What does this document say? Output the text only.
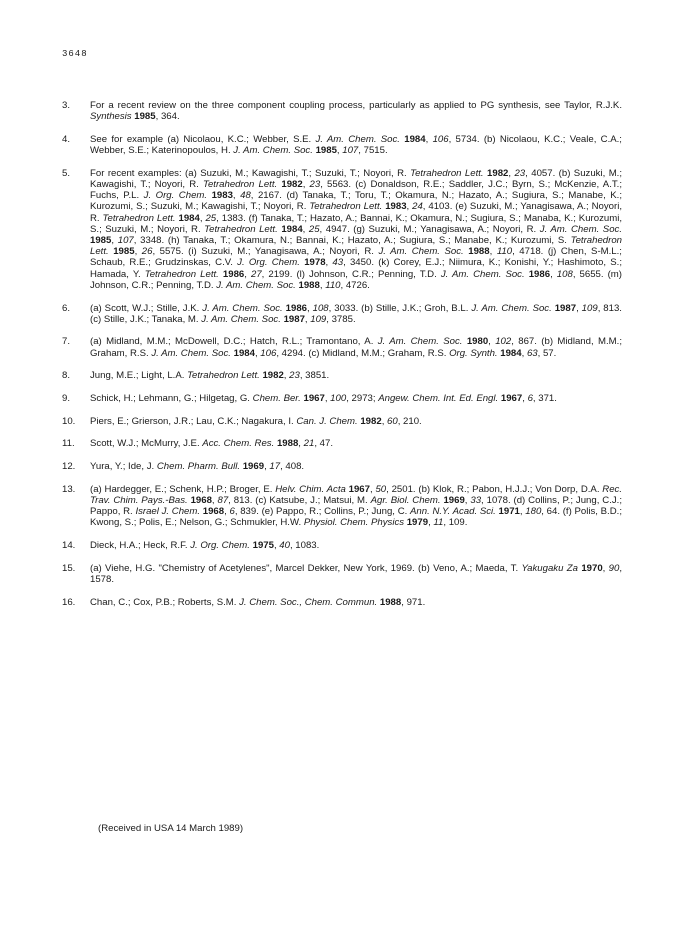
3648
3.	For a recent review on the three component coupling process, particularly as applied to PG synthesis, see Taylor, R.J.K. Synthesis 1985, 364.
4.	See for example (a) Nicolaou, K.C.; Webber, S.E. J. Am. Chem. Soc. 1984, 106, 5734. (b) Nicolaou, K.C.; Veale, C.A.; Webber, S.E.; Katerinopoulos, H. J. Am. Chem. Soc. 1985, 107, 7515.
5.	For recent examples: (a) Suzuki, M.; Kawagishi, T.; Suzuki, T.; Noyori, R. Tetrahedron Lett. 1982, 23, 4057. (b) Suzuki, M.; Kawagishi, T.; Noyori, R. Tetrahedron Lett. 1982, 23, 5563. (c) Donaldson, R.E.; Saddler, J.C.; Byrn, S.; McKenzie, A.T.; Fuchs, P.L. J. Org. Chem. 1983, 48, 2167. (d) Tanaka, T.; Toru, T.; Okamura, N.; Hazato, A.; Sugiura, S.; Manabe, K.; Kurozumi, S.; Suzuki, M.; Kawagishi, T.; Noyori, R. Tetrahedron Lett. 1983, 24, 4103. (e) Suzuki, M.; Yanagisawa, A.; Noyori, R. Tetrahedron Lett. 1984, 25, 1383. (f) Tanaka, T.; Hazato, A.; Bannai, K.; Okamura, N.; Sugiura, S.; Manaba, K.; Kurozumi, S.; Suzuki, M.; Noyori, R. Tetrahedron Lett. 1984, 25, 4947. (g) Suzuki, M.; Yanagisawa, A.; Noyori, R. J. Am. Chem. Soc. 1985, 107, 3348. (h) Tanaka, T.; Okamura, N.; Bannai, K.; Hazato, A.; Sugiura, S.; Manabe, K.; Kurozumi, S. Tetrahedron Lett. 1985, 26, 5575. (i) Suzuki, M.; Yanagisawa, A.; Noyori, R. J. Am. Chem. Soc. 1988, 110, 4718. (j) Chen, S-M.L.; Schaub, R.E.; Grudzinskas, C.V. J. Org. Chem. 1978, 43, 3450. (k) Corey, E.J.; Niimura, K.; Konishi, Y.; Hashimoto, S.; Hamada, Y. Tetrahedron Lett. 1986, 27, 2199. (l) Johnson, C.R.; Penning, T.D. J. Am. Chem. Soc. 1986, 108, 5655. (m) Johnson, C.R.; Penning, T.D. J. Am. Chem. Soc. 1988, 110, 4726.
6.	(a) Scott, W.J.; Stille, J.K. J. Am. Chem. Soc. 1986, 108, 3033. (b) Stille, J.K.; Groh, B.L. J. Am. Chem. Soc. 1987, 109, 813. (c) Stille, J.K.; Tanaka, M. J. Am. Chem. Soc. 1987, 109, 3785.
7.	(a) Midland, M.M.; McDowell, D.C.; Hatch, R.L.; Tramontano, A. J. Am. Chem. Soc. 1980, 102, 867. (b) Midland, M.M.; Graham, R.S. J. Am. Chem. Soc. 1984, 106, 4294. (c) Midland, M.M.; Graham, R.S. Org. Synth. 1984, 63, 57.
8.	Jung, M.E.; Light, L.A. Tetrahedron Lett. 1982, 23, 3851.
9.	Schick, H.; Lehmann, G.; Hilgetag, G. Chem. Ber. 1967, 100, 2973; Angew. Chem. Int. Ed. Engl. 1967, 6, 371.
10.	Piers, E.; Grierson, J.R.; Lau, C.K.; Nagakura, I. Can. J. Chem. 1982, 60, 210.
11.	Scott, W.J.; McMurry, J.E. Acc. Chem. Res. 1988, 21, 47.
12.	Yura, Y.; Ide, J. Chem. Pharm. Bull. 1969, 17, 408.
13.	(a) Hardegger, E.; Schenk, H.P.; Broger, E. Helv. Chim. Acta 1967, 50, 2501. (b) Klok, R.; Pabon, H.J.J.; Von Dorp, D.A. Rec. Trav. Chim. Pays.-Bas. 1968, 87, 813. (c) Katsube, J.; Matsui, M. Agr. Biol. Chem. 1969, 33, 1078. (d) Collins, P.; Jung, C.J.; Pappo, R. Israel J. Chem. 1968, 6, 839. (e) Pappo, R.; Collins, P.; Jung, C. Ann. N.Y. Acad. Sci. 1971, 180, 64. (f) Polis, B.D.; Kwong, S.; Polis, E.; Nelson, G.; Schmukler, H.W. Physiol. Chem. Physics 1979, 11, 109.
14.	Dieck, H.A.; Heck, R.F. J. Org. Chem. 1975, 40, 1083.
15.	(a) Viehe, H.G. "Chemistry of Acetylenes", Marcel Dekker, New York, 1969. (b) Veno, A.; Maeda, T. Yakugaku Za 1970, 90, 1578.
16.	Chan, C.; Cox, P.B.; Roberts, S.M. J. Chem. Soc., Chem. Commun. 1988, 971.
(Received in USA 14 March 1989)
